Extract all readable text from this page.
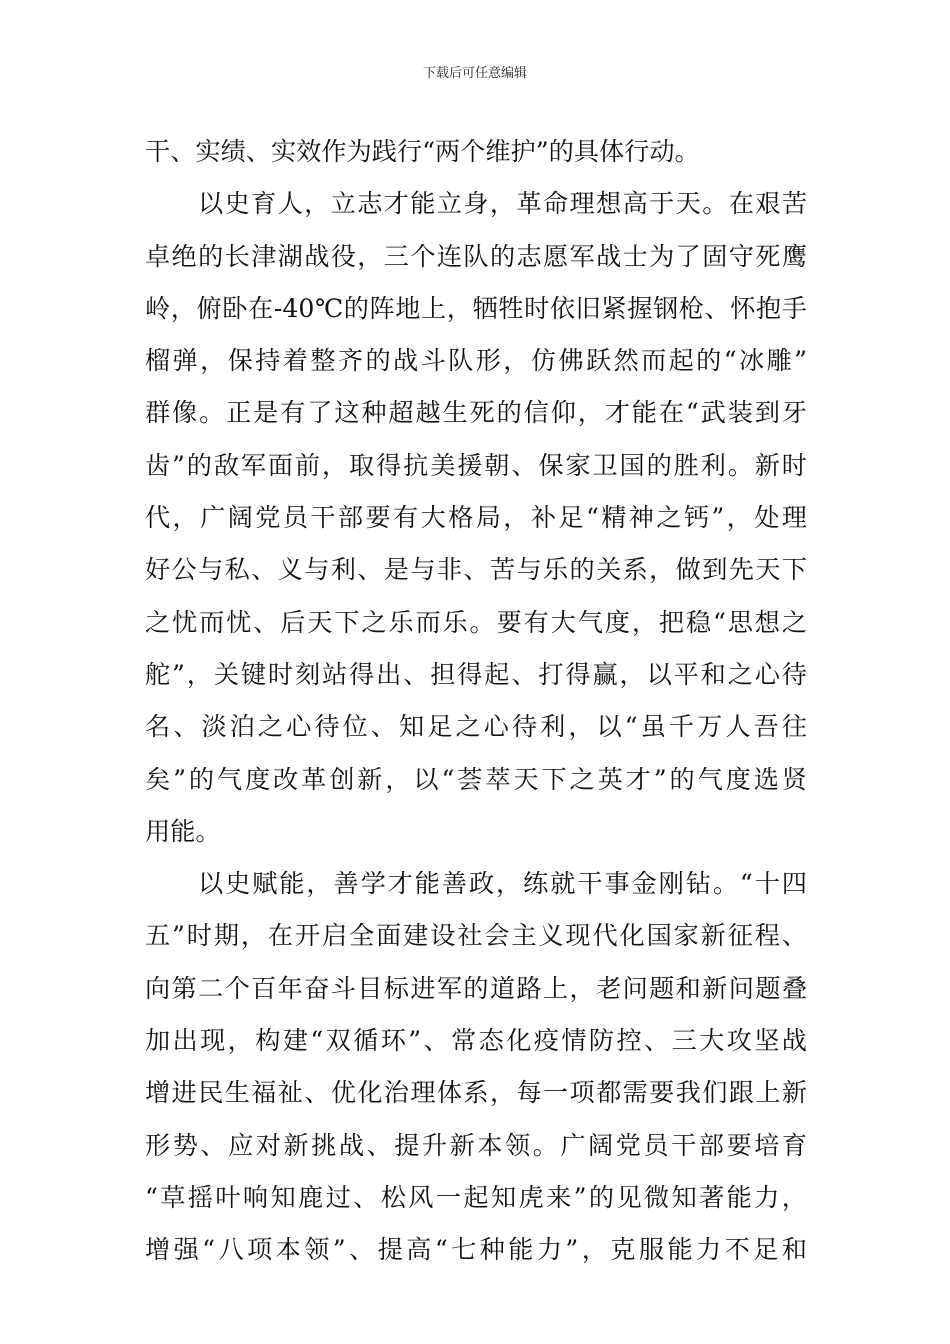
下载后可任意编辑
干、实绩、实效作为践行“两个维护”的具体行动。
以史育人，立志才能立身，革命理想高于天。在艰苦
卓绝的长津湖战役，三个连队的志愿军战士为了固守死鹰
岭，俯卧在-40℃的阵地上，牺牲时依旧紧握钢枪、怀抱手
榴弹，保持着整齐的战斗队形，仿佛跃然而起的“冰雕”
群像。正是有了这种超越生死的信仰，才能在“武装到牙
齿”的敌军面前，取得抗美援朝、保家卫国的胜利。新时
代，广阔党员干部要有大格局，补足“精神之钙”，处理
好公与私、义与利、是与非、苦与乐的关系，做到先天下
之忧而忧、后天下之乐而乐。要有大气度，把稳“思想之
舵”，关键时刻站得出、担得起、打得赢，以平和之心待
名、淡泊之心待位、知足之心待利，以“虽千万人吾往
矣”的气度改革创新，以“荟萃天下之英才”的气度选贤
用能。
以史赋能，善学才能善政，练就干事金刚钻。“十四
五”时期，在开启全面建设社会主义现代化国家新征程、
向第二个百年奋斗目标进军的道路上，老问题和新问题叠
加出现，构建“双循环”、常态化疫情防控、三大攻坚战
增进民生福祉、优化治理体系，每一项都需要我们跟上新
形势、应对新挑战、提升新本领。广阔党员干部要培育
“草摇叶响知鹿过、松风一起知虎来”的见微知著能力，
增强“八项本领”、提高“七种能力”，克服能力不足和
